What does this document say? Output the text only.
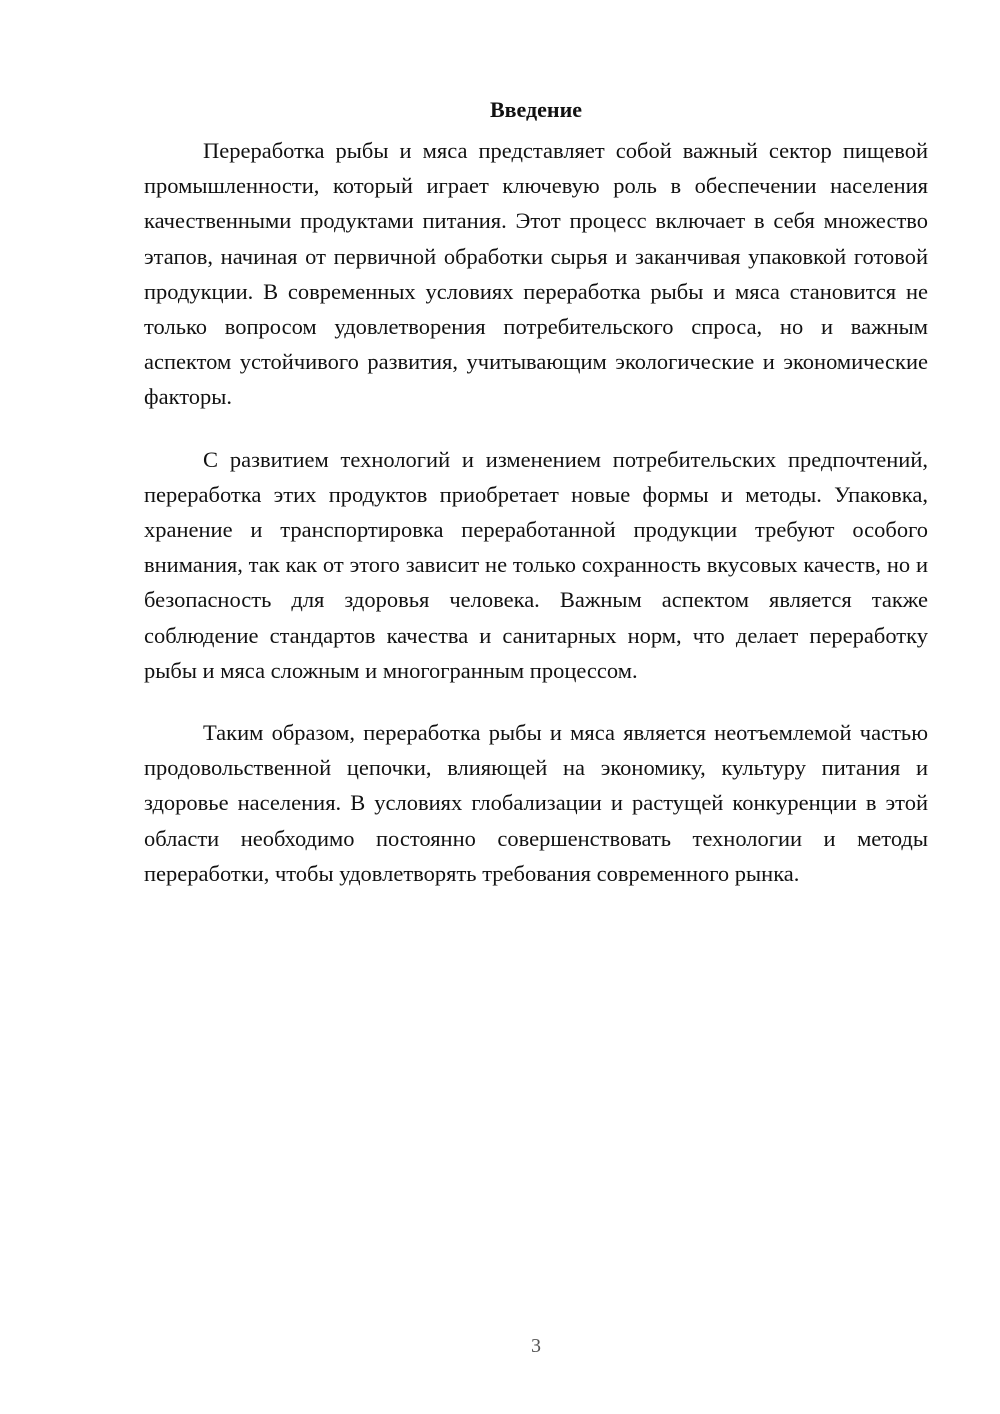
Введение

Переработка рыбы и мяса представляет собой важный сектор пищевой промышленности, который играет ключевую роль в обеспечении населения качественными продуктами питания. Этот процесс включает в себя множество этапов, начиная от первичной обработки сырья и заканчивая упаковкой готовой продукции. В современных условиях переработка рыбы и мяса становится не только вопросом удовлетворения потребительского спроса, но и важным аспектом устойчивого развития, учитывающим экологические и экономические факторы.

С развитием технологий и изменением потребительских предпочтений, переработка этих продуктов приобретает новые формы и методы. Упаковка, хранение и транспортировка переработанной продукции требуют особого внимания, так как от этого зависит не только сохранность вкусовых качеств, но и безопасность для здоровья человека. Важным аспектом является также соблюдение стандартов качества и санитарных норм, что делает переработку рыбы и мяса сложным и многогранным процессом.

Таким образом, переработка рыбы и мяса является неотъемлемой частью продовольственной цепочки, влияющей на экономику, культуру питания и здоровье населения. В условиях глобализации и растущей конкуренции в этой области необходимо постоянно совершенствовать технологии и методы переработки, чтобы удовлетворять требования современного рынка.

3
